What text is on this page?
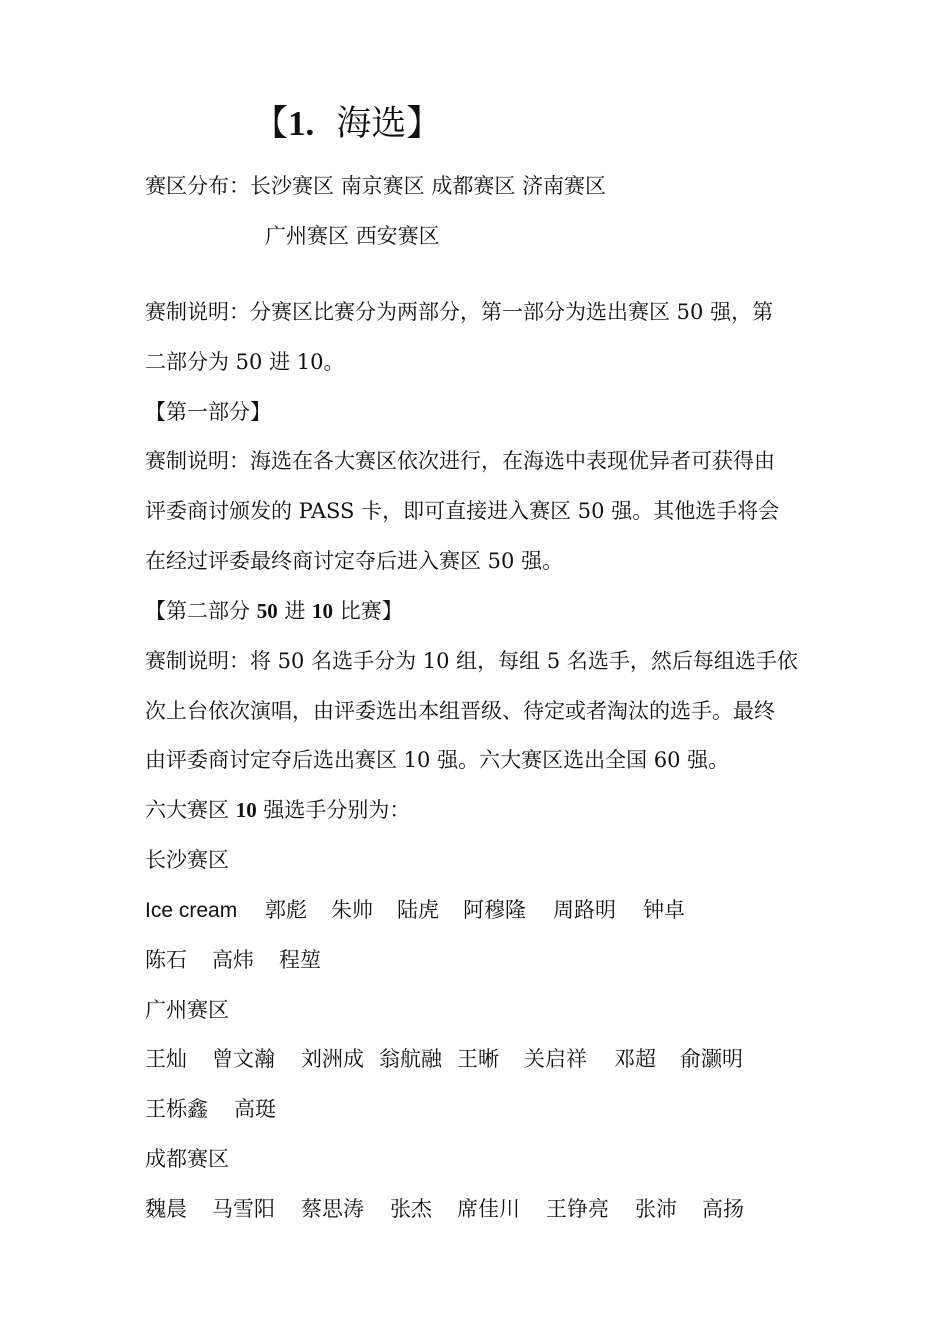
【1. 海选】
赛区分布：长沙赛区 南京赛区 成都赛区 济南赛区
广州赛区 西安赛区
赛制说明：分赛区比赛分为两部分，第一部分为选出赛区 50 强，第
二部分为 50 进 10。
【第一部分】
赛制说明：海选在各大赛区依次进行，在海选中表现优异者可获得由
评委商讨颁发的 PASS 卡，即可直接进入赛区 50 强。其他选手将会
在经过评委最终商讨定夺后进入赛区 50 强。
【第二部分 50 进 10 比赛】
赛制说明：将 50 名选手分为 10 组，每组 5 名选手，然后每组选手依
次上台依次演唱，由评委选出本组晋级、待定或者淘汰的选手。最终
由评委商讨定夺后选出赛区 10 强。六大赛区选出全国 60 强。
六大赛区 10 强选手分别为：
长沙赛区
Ice cream 郭彪 朱帅 陆虎 阿穆隆 周路明 钟卓
陈石 高炜 程堃
广州赛区
王灿 曾文瀚 刘洲成 翁航融 王晰 关启祥 邓超 俞灏明
王栎鑫 高珽
成都赛区
魏晨 马雪阳 蔡思涛 张杰 席佳川 王铮亮 张沛 高扬
